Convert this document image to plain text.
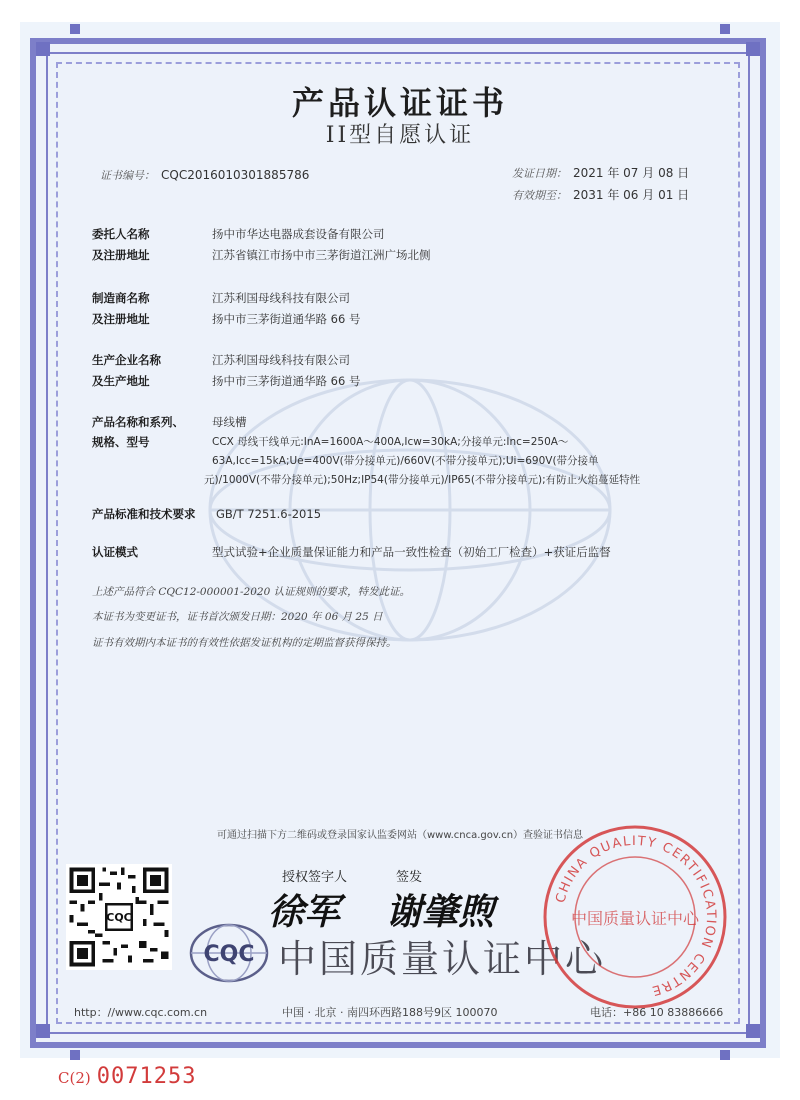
产品认证证书
II型自愿认证
证书编号： CQC2016010301885786	发证日期： 2021 年 07 月 08 日
有效期至： 2031 年 06 月 01 日
委托人名称	扬中市华达电器成套设备有限公司
及注册地址	江苏省镇江市扬中市三茅街道江洲广场北侧
制造商名称	江苏利国母线科技有限公司
及注册地址	扬中市三茅街道通华路 66 号
生产企业名称	江苏利国母线科技有限公司
及生产地址	扬中市三茅街道通华路 66 号
产品名称和系列、	母线槽
规格、型号	CCX 母线干线单元:InA=1600A～400A,Icw=30kA;分接单元:Inc=250A～
63A,Icc=15kA;Ue=400V(带分接单元)/660V(不带分接单元);Ui=690V(带分接单
元)/1000V(不带分接单元);50Hz;IP54(带分接单元)/IP65(不带分接单元);有防止火焰蔓延特性
产品标准和技术要求	GB/T 7251.6-2015
认证模式	型式试验+企业质量保证能力和产品一致性检查（初始工厂检查）+获证后监督
上述产品符合 CQC12-000001-2020 认证规则的要求，特发此证。
本证书为变更证书，证书首次颁发日期：2020 年 06 月 25 日
证书有效期内本证书的有效性依据发证机构的定期监督获得保持。
可通过扫描下方二维码或登录国家认监委网站（www.cnca.gov.cn）查验证书信息
CQC
授权签字人	签发
徐军 谢肇煦
CQC 中国质量认证中心
CHINA QUALITY CERTIFICATION CENTRE
中国质量认证中心
http：//www.cqc.com.cn	中国 · 北京 · 南四环西路188号9区 100070	电话：+86 10 83886666
C(2) 0071253
